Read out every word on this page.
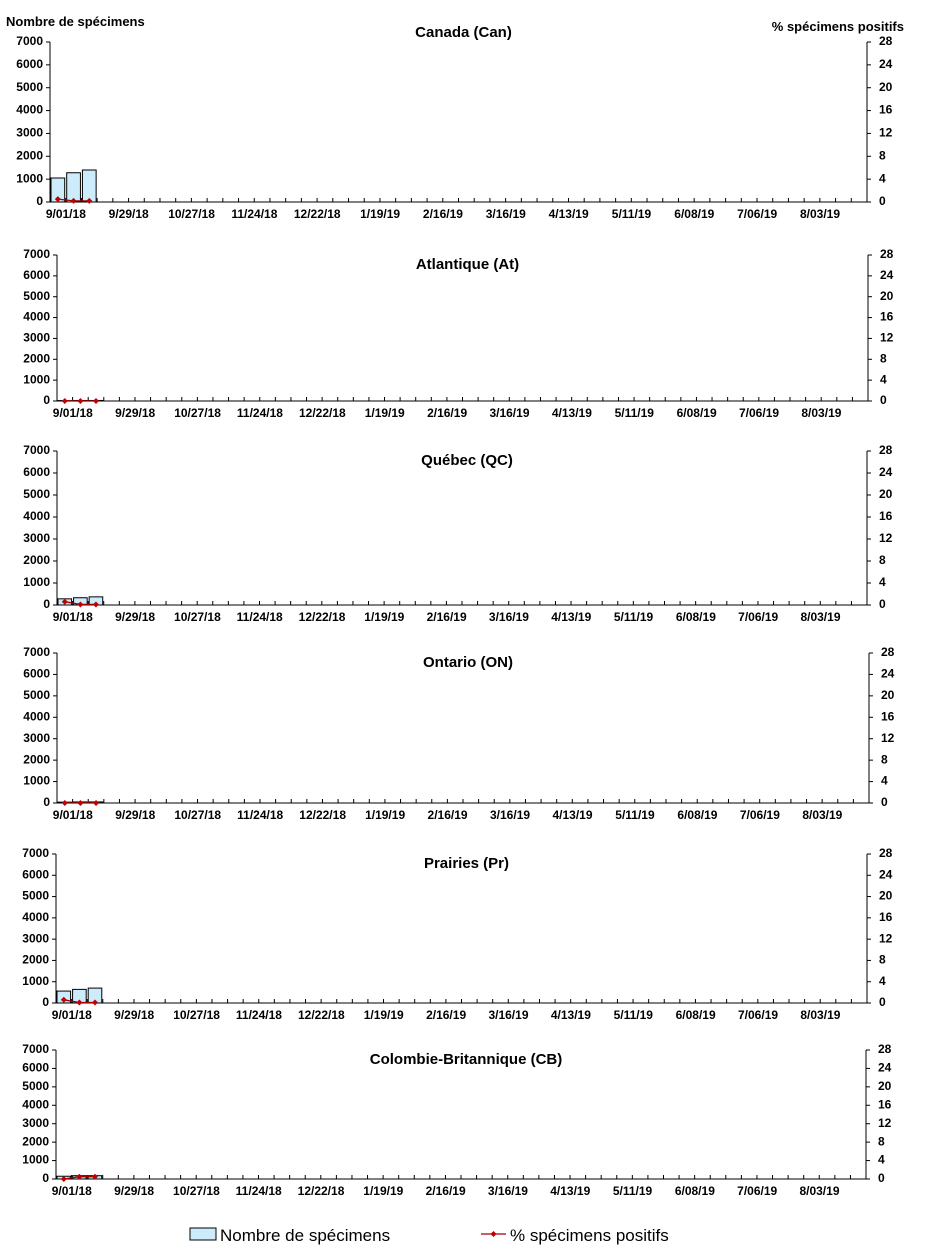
Nombre de spécimens	% spécimens positifs
Canada (Can)
0
1000
2000
3000
4000
5000
6000
7000
0
4
8
12
16
20
24
28
9/01/18 9/29/18 10/27/18 11/24/18 12/22/18 1/19/19 2/16/19 3/16/19 4/13/19 5/11/19 6/08/19 7/06/19 8/03/19
Atlantique (At)
0
1000
2000
3000
4000
5000
6000
7000
0
4
8
12
16
20
24
28
9/01/18 9/29/18 10/27/18 11/24/18 12/22/18 1/19/19 2/16/19 3/16/19 4/13/19 5/11/19 6/08/19 7/06/19 8/03/19
Québec (QC)
0
1000
2000
3000
4000
5000
6000
7000
0
4
8
12
16
20
24
28
9/01/18 9/29/18 10/27/18 11/24/18 12/22/18 1/19/19 2/16/19 3/16/19 4/13/19 5/11/19 6/08/19 7/06/19 8/03/19
Ontario (ON)
0
1000
2000
3000
4000
5000
6000
7000
0
4
8
12
16
20
24
28
9/01/18 9/29/18 10/27/18 11/24/18 12/22/18 1/19/19 2/16/19 3/16/19 4/13/19 5/11/19 6/08/19 7/06/19 8/03/19
Prairies (Pr)
0
1000
2000
3000
4000
5000
6000
7000
0
4
8
12
16
20
24
28
9/01/18 9/29/18 10/27/18 11/24/18 12/22/18 1/19/19 2/16/19 3/16/19 4/13/19 5/11/19 6/08/19 7/06/19 8/03/19
Colombie-Britannique (CB)
0
1000
2000
3000
4000
5000
6000
7000
0
4
8
12
16
20
24
28
9/01/18 9/29/18 10/27/18 11/24/18 12/22/18 1/19/19 2/16/19 3/16/19 4/13/19 5/11/19 6/08/19 7/06/19 8/03/19
Nombre de spécimens	% spécimens positifs
